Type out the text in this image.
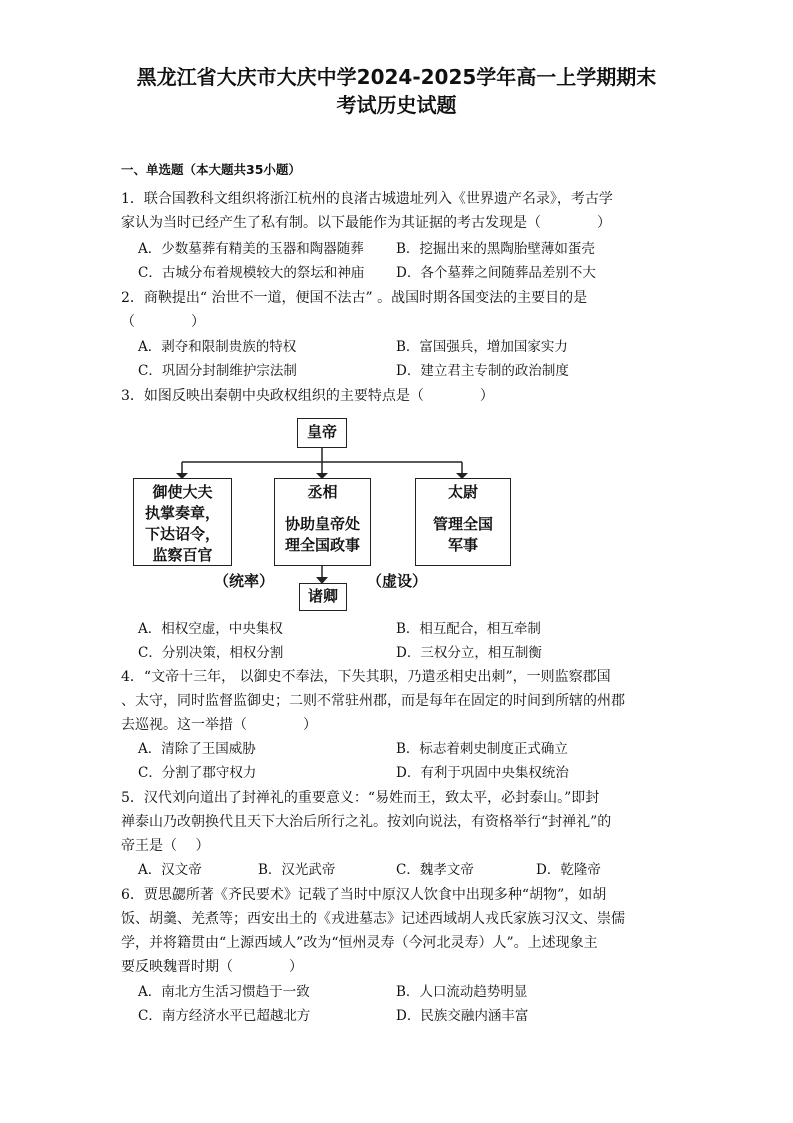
黑龙江省大庆市大庆中学2024-2025学年高一上学期期末
考试历史试题
一、单选题（本大题共35小题）
1．联合国教科文组织将浙江杭州的良渚古城遗址列入《世界遗产名录》，考古学
家认为当时已经产生了私有制。以下最能作为其证据的考古发现是（　　　　）
A．少数墓葬有精美的玉器和陶器随葬 B．挖掘出来的黑陶胎壁薄如蛋壳
C．古城分布着规模较大的祭坛和神庙 D．各个墓葬之间随葬品差别不大
2．商鞅提出“ 治世不一道，便国不法古” 。战国时期各国变法的主要目的是
（　　　　）
A．剥夺和限制贵族的特权	B．富国强兵，增加国家实力
C．巩固分封制维护宗法制	D．建立君主专制的政治制度
3．如图反映出秦朝中央政权组织的主要特点是（　　　　）
皇帝
御使大夫
执掌奏章，
下达诏令，
监察百官
丞相
协助皇帝处
理全国政事
太尉
管理全国
军事
（统率）	（虚设）
诸卿
A．相权空虚，中央集权	B．相互配合，相互牵制
C．分别决策，相权分割	D．三权分立，相互制衡
4．“文帝十三年， 以御史不奉法，下失其职，乃遣丞相史出刺”，一则监察郡国
、太守，同时监督监御史；二则不常驻州郡，而是每年在固定的时间到所辖的州郡
去巡视。这一举措（　　　　）
A．清除了王国威胁	B．标志着刺史制度正式确立
C．分割了郡守权力	D．有利于巩固中央集权统治
5．汉代刘向道出了封禅礼的重要意义：“易姓而王，致太平，必封泰山。”即封
禅泰山乃改朝换代且天下大治后所行之礼。按刘向说法，有资格举行“封禅礼”的
帝王是（　 ）
A．汉文帝	B．汉光武帝	C．魏孝文帝	D．乾隆帝
6．贾思勰所著《齐民要术》记载了当时中原汉人饮食中出现多种“胡物”，如胡
饭、胡羹、羌煮等；西安出土的《戎进墓志》记述西域胡人戎氏家族习汉文、崇儒
学，并将籍贯由“上源西域人”改为“恒州灵寿（今河北灵寿）人”。上述现象主
要反映魏晋时期（　　　　）
A．南北方生活习惯趋于一致	B．人口流动趋势明显
C．南方经济水平已超越北方	D．民族交融内涵丰富
